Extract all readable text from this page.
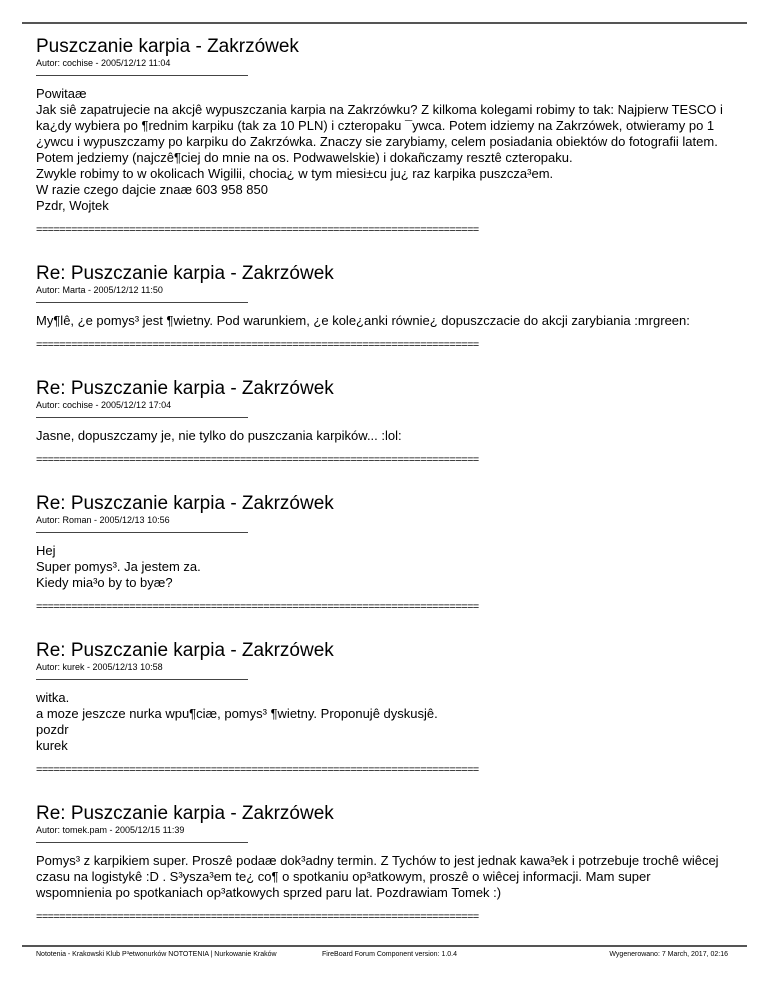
Puszczanie karpia - Zakrzówek
Autor: cochise - 2005/12/12 11:04
Powitaæ
Jak siê zapatrujecie na akcjê wypuszczania karpia na Zakrzówku? Z kilkoma kolegami robimy to tak: Najpierw TESCO i
ka¿dy wybiera po ¶rednim karpiku (tak za 10 PLN) i czteropaku ¯ywca. Potem idziemy na Zakrzówek, otwieramy po 1
¿ywcu i wypuszczamy po karpiku do Zakrzówka. Znaczy sie zarybiamy, celem posiadania obiektów do fotografii latem.
Potem jedziemy (najczê¶ciej do mnie na os. Podwawelskie) i dokañczamy resztê czteropaku.
Zwykle robimy to w okolicach Wigilii, chocia¿ w tym miesi±cu ju¿ raz karpika puszcza³em.
W razie czego dajcie znaæ 603 958 850
Pzdr, Wojtek
============================================================================
Re: Puszczanie karpia - Zakrzówek
Autor: Marta - 2005/12/12 11:50
My¶lê, ¿e pomys³ jest ¶wietny. Pod warunkiem, ¿e kole¿anki równie¿ dopuszczacie do akcji zarybiania :mrgreen:
============================================================================
Re: Puszczanie karpia - Zakrzówek
Autor: cochise - 2005/12/12 17:04
Jasne, dopuszczamy je, nie tylko do puszczania karpików... :lol:
============================================================================
Re: Puszczanie karpia - Zakrzówek
Autor: Roman - 2005/12/13 10:56
Hej
Super pomys³. Ja jestem za.
Kiedy mia³o by to byæ?
============================================================================
Re: Puszczanie karpia - Zakrzówek
Autor: kurek - 2005/12/13 10:58
witka.
a moze jeszcze nurka wpu¶ciæ, pomys³ ¶wietny. Proponujê dyskusjê.
pozdr
kurek
============================================================================
Re: Puszczanie karpia - Zakrzówek
Autor: tomek.pam - 2005/12/15 11:39
Pomys³ z karpikiem super. Proszê podaæ dok³adny termin. Z Tychów to jest jednak kawa³ek i potrzebuje trochê wiêcej
czasu na logistykê :D . S³ysza³em te¿ co¶ o spotkaniu op³atkowym, proszê o wiêcej informacji. Mam super
wspomnienia po spotkaniach op³atkowych sprzed paru lat. Pozdrawiam Tomek :)
============================================================================
Nototenia - Krakowski Klub P³etwonurków NOTOTENIA | Nurkowanie Kraków	FireBoard Forum Component version: 1.0.4	Wygenerowano: 7 March, 2017, 02:16
